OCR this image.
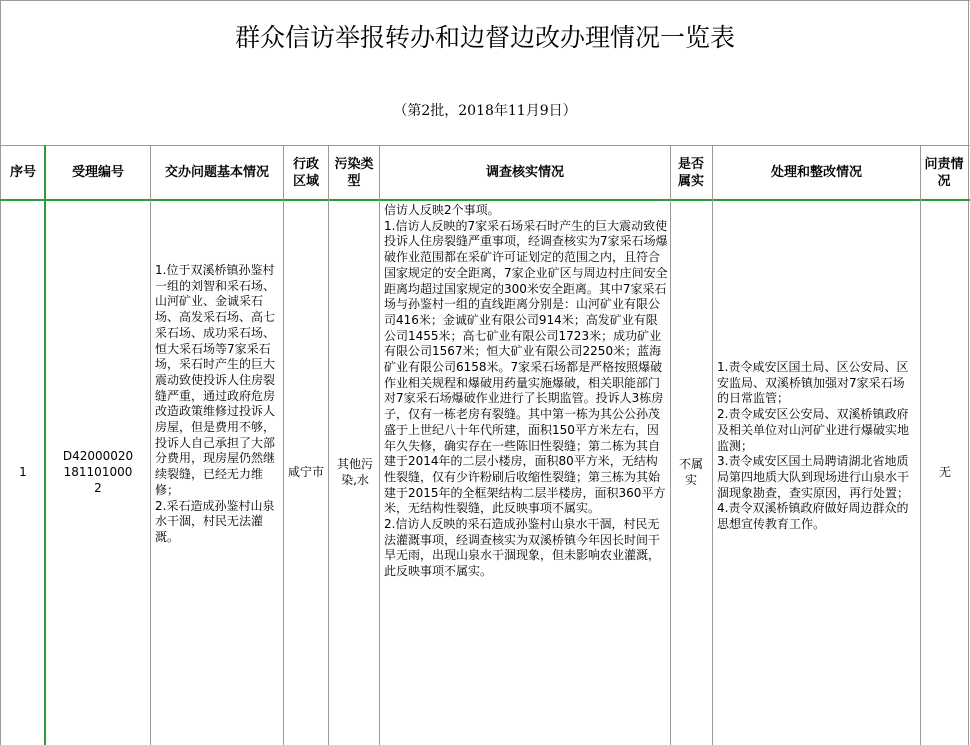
群众信访举报转办和边督边改办理情况一览表
（第2批，2018年11月9日）
序号	受理编号	交办问题基本情况
行政区域
污染类型
调查核实情况
是否属实
处理和整改情况
问责情况
1
D420000201811010002
1.位于双溪桥镇孙鉴村一组的刘智和采石场、山河矿业、金诚采石场、高发采石场、高七采石场、成功采石场、恒大采石场等7家采石场，采石时产生的巨大震动致使投诉人住房裂缝严重，通过政府危房改造政策维修过投诉人房屋，但是费用不够，投诉人自己承担了大部分费用，现房屋仍然继续裂缝，已经无力维修；
2.采石造成孙鉴村山泉水干涸，村民无法灌溉。
咸宁市
其他污染,水
信访人反映2个事项。
1.信访人反映的7家采石场采石时产生的巨大震动致使投诉人住房裂缝严重事项，经调查核实为7家采石场爆破作业范围都在采矿许可证划定的范围之内，且符合国家规定的安全距离，7家企业矿区与周边村庄间安全距离均超过国家规定的300米安全距离。其中7家采石场与孙鉴村一组的直线距离分别是：山河矿业有限公司416米；金诚矿业有限公司914米；高发矿业有限公司1455米；高七矿业有限公司1723米；成功矿业有限公司1567米；恒大矿业有限公司2250米；蓝海矿业有限公司6158米。7家采石场都是严格按照爆破作业相关规程和爆破用药量实施爆破，相关职能部门对7家采石场爆破作业进行了长期监管。投诉人3栋房子，仅有一栋老房有裂缝。其中第一栋为其公公孙茂盛于上世纪八十年代所建，面积150平方米左右，因年久失修，确实存在一些陈旧性裂缝；第二栋为其自建于2014年的二层小楼房，面积80平方米，无结构性裂缝，仅有少许粉刷后收缩性裂缝；第三栋为其始建于2015年的全框架结构二层半楼房，面积360平方米，无结构性裂缝，此反映事项不属实。
2.信访人反映的采石造成孙鉴村山泉水干涸，村民无法灌溉事项，经调查核实为双溪桥镇今年因长时间干旱无雨，出现山泉水干涸现象，但未影响农业灌溉，此反映事项不属实。
不属实
1.责令咸安区国土局、区公安局、区安监局、双溪桥镇加强对7家采石场的日常监管；
2.责令咸安区公安局、双溪桥镇政府及相关单位对山河矿业进行爆破实地监测；
3.责令咸安区国土局聘请湖北省地质局第四地质大队到现场进行山泉水干涸现象勘查，查实原因，再行处置；
4.责令双溪桥镇政府做好周边群众的思想宣传教育工作。
无
